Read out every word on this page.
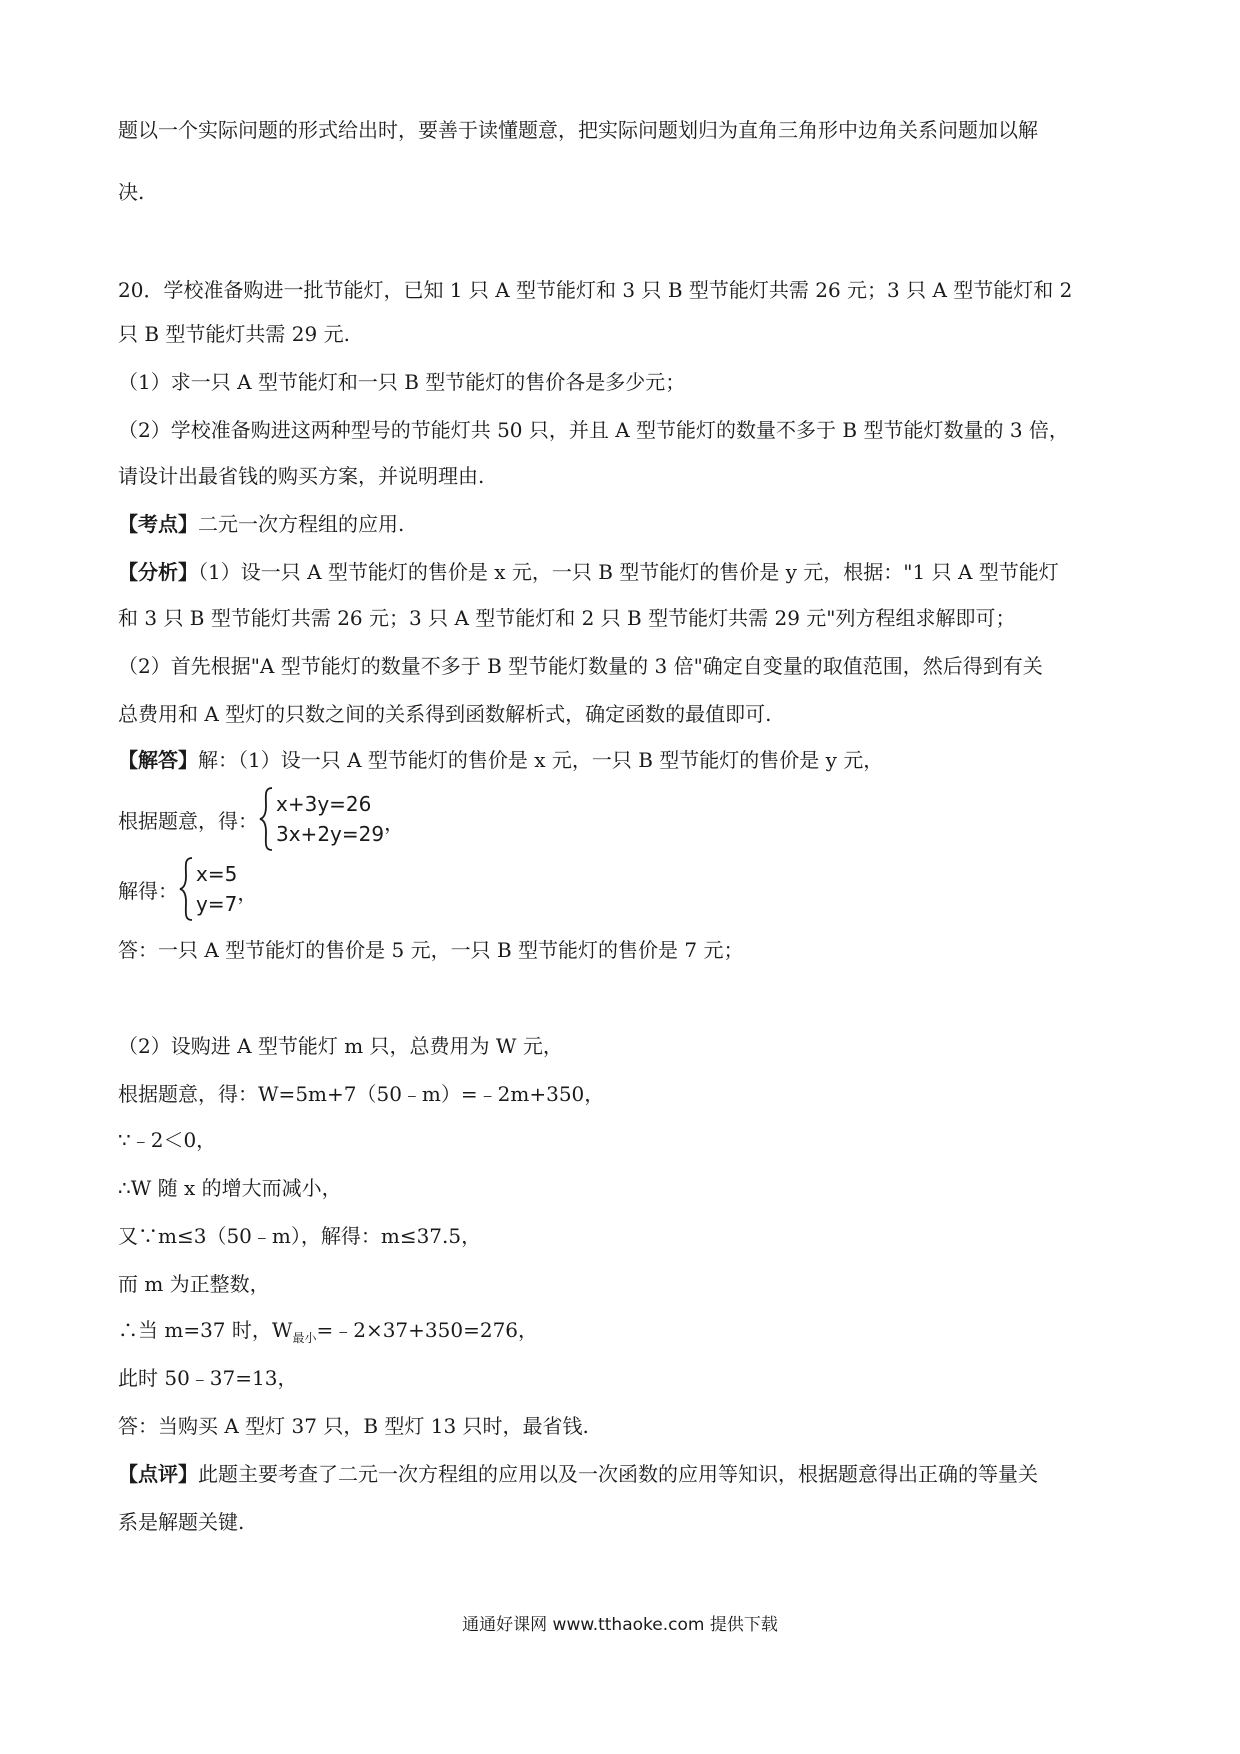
题以一个实际问题的形式给出时，要善于读懂题意，把实际问题划归为直角三角形中边角关系问题加以解
决.
20．学校准备购进一批节能灯，已知 1 只 A 型节能灯和 3 只 B 型节能灯共需 26 元；3 只 A 型节能灯和 2
只 B 型节能灯共需 29 元.
（1）求一只 A 型节能灯和一只 B 型节能灯的售价各是多少元；
（2）学校准备购进这两种型号的节能灯共 50 只，并且 A 型节能灯的数量不多于 B 型节能灯数量的 3 倍，
请设计出最省钱的购买方案，并说明理由.
【考点】二元一次方程组的应用.
【分析】（1）设一只 A 型节能灯的售价是 x 元，一只 B 型节能灯的售价是 y 元，根据："1 只 A 型节能灯
和 3 只 B 型节能灯共需 26 元；3 只 A 型节能灯和 2 只 B 型节能灯共需 29 元"列方程组求解即可；
（2）首先根据"A 型节能灯的数量不多于 B 型节能灯数量的 3 倍"确定自变量的取值范围，然后得到有关
总费用和 A 型灯的只数之间的关系得到函数解析式，确定函数的最值即可.
【解答】解：（1）设一只 A 型节能灯的售价是 x 元，一只 B 型节能灯的售价是 y 元，
根据题意，得：
x+3y=26
3x+2y=29 ，
解得：
x=5
y=7 ，
答：一只 A 型节能灯的售价是 5 元，一只 B 型节能灯的售价是 7 元；
（2）设购进 A 型节能灯 m 只，总费用为 W 元，
根据题意，得：W=5m+7（50﹣m）=﹣2m+350，
∵﹣2＜0，
∴W 随 x 的增大而减小，
又∵m≤3（50﹣m），解得：m≤37.5，
而 m 为正整数，
∴当 m=37 时，$W_{最小}=﹣2\times 37+350=276$，
此时 50﹣37=13，
答：当购买 A 型灯 37 只，B 型灯 13 只时，最省钱.
【点评】此题主要考查了二元一次方程组的应用以及一次函数的应用等知识，根据题意得出正确的等量关
系是解题关键.
通通好课网 www.tthaoke.com 提供下载
